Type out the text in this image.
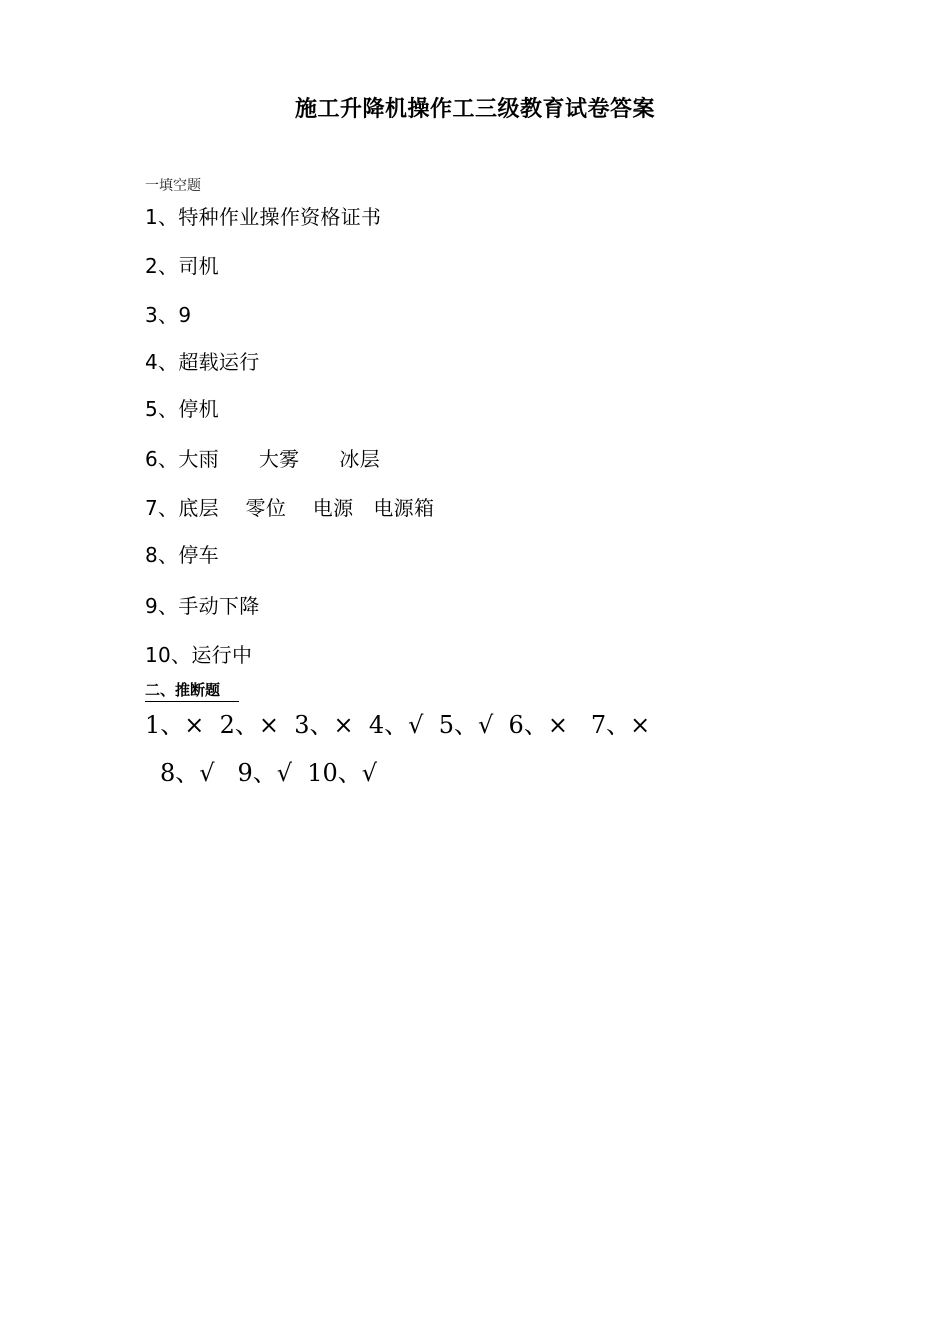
施工升降机操作工三级教育试卷答案
一填空题
1、特种作业操作资格证书
2、司机
3、9
4、超载运行
5、停机
6、大雨      大雾      冰层
7、底层    零位    电源   电源箱
8、停车
9、手动下降
10、运行中
二、推断题
1、×  2、×  3、×  4、√  5、√  6、×   7、×
8、√   9、√  10、√
